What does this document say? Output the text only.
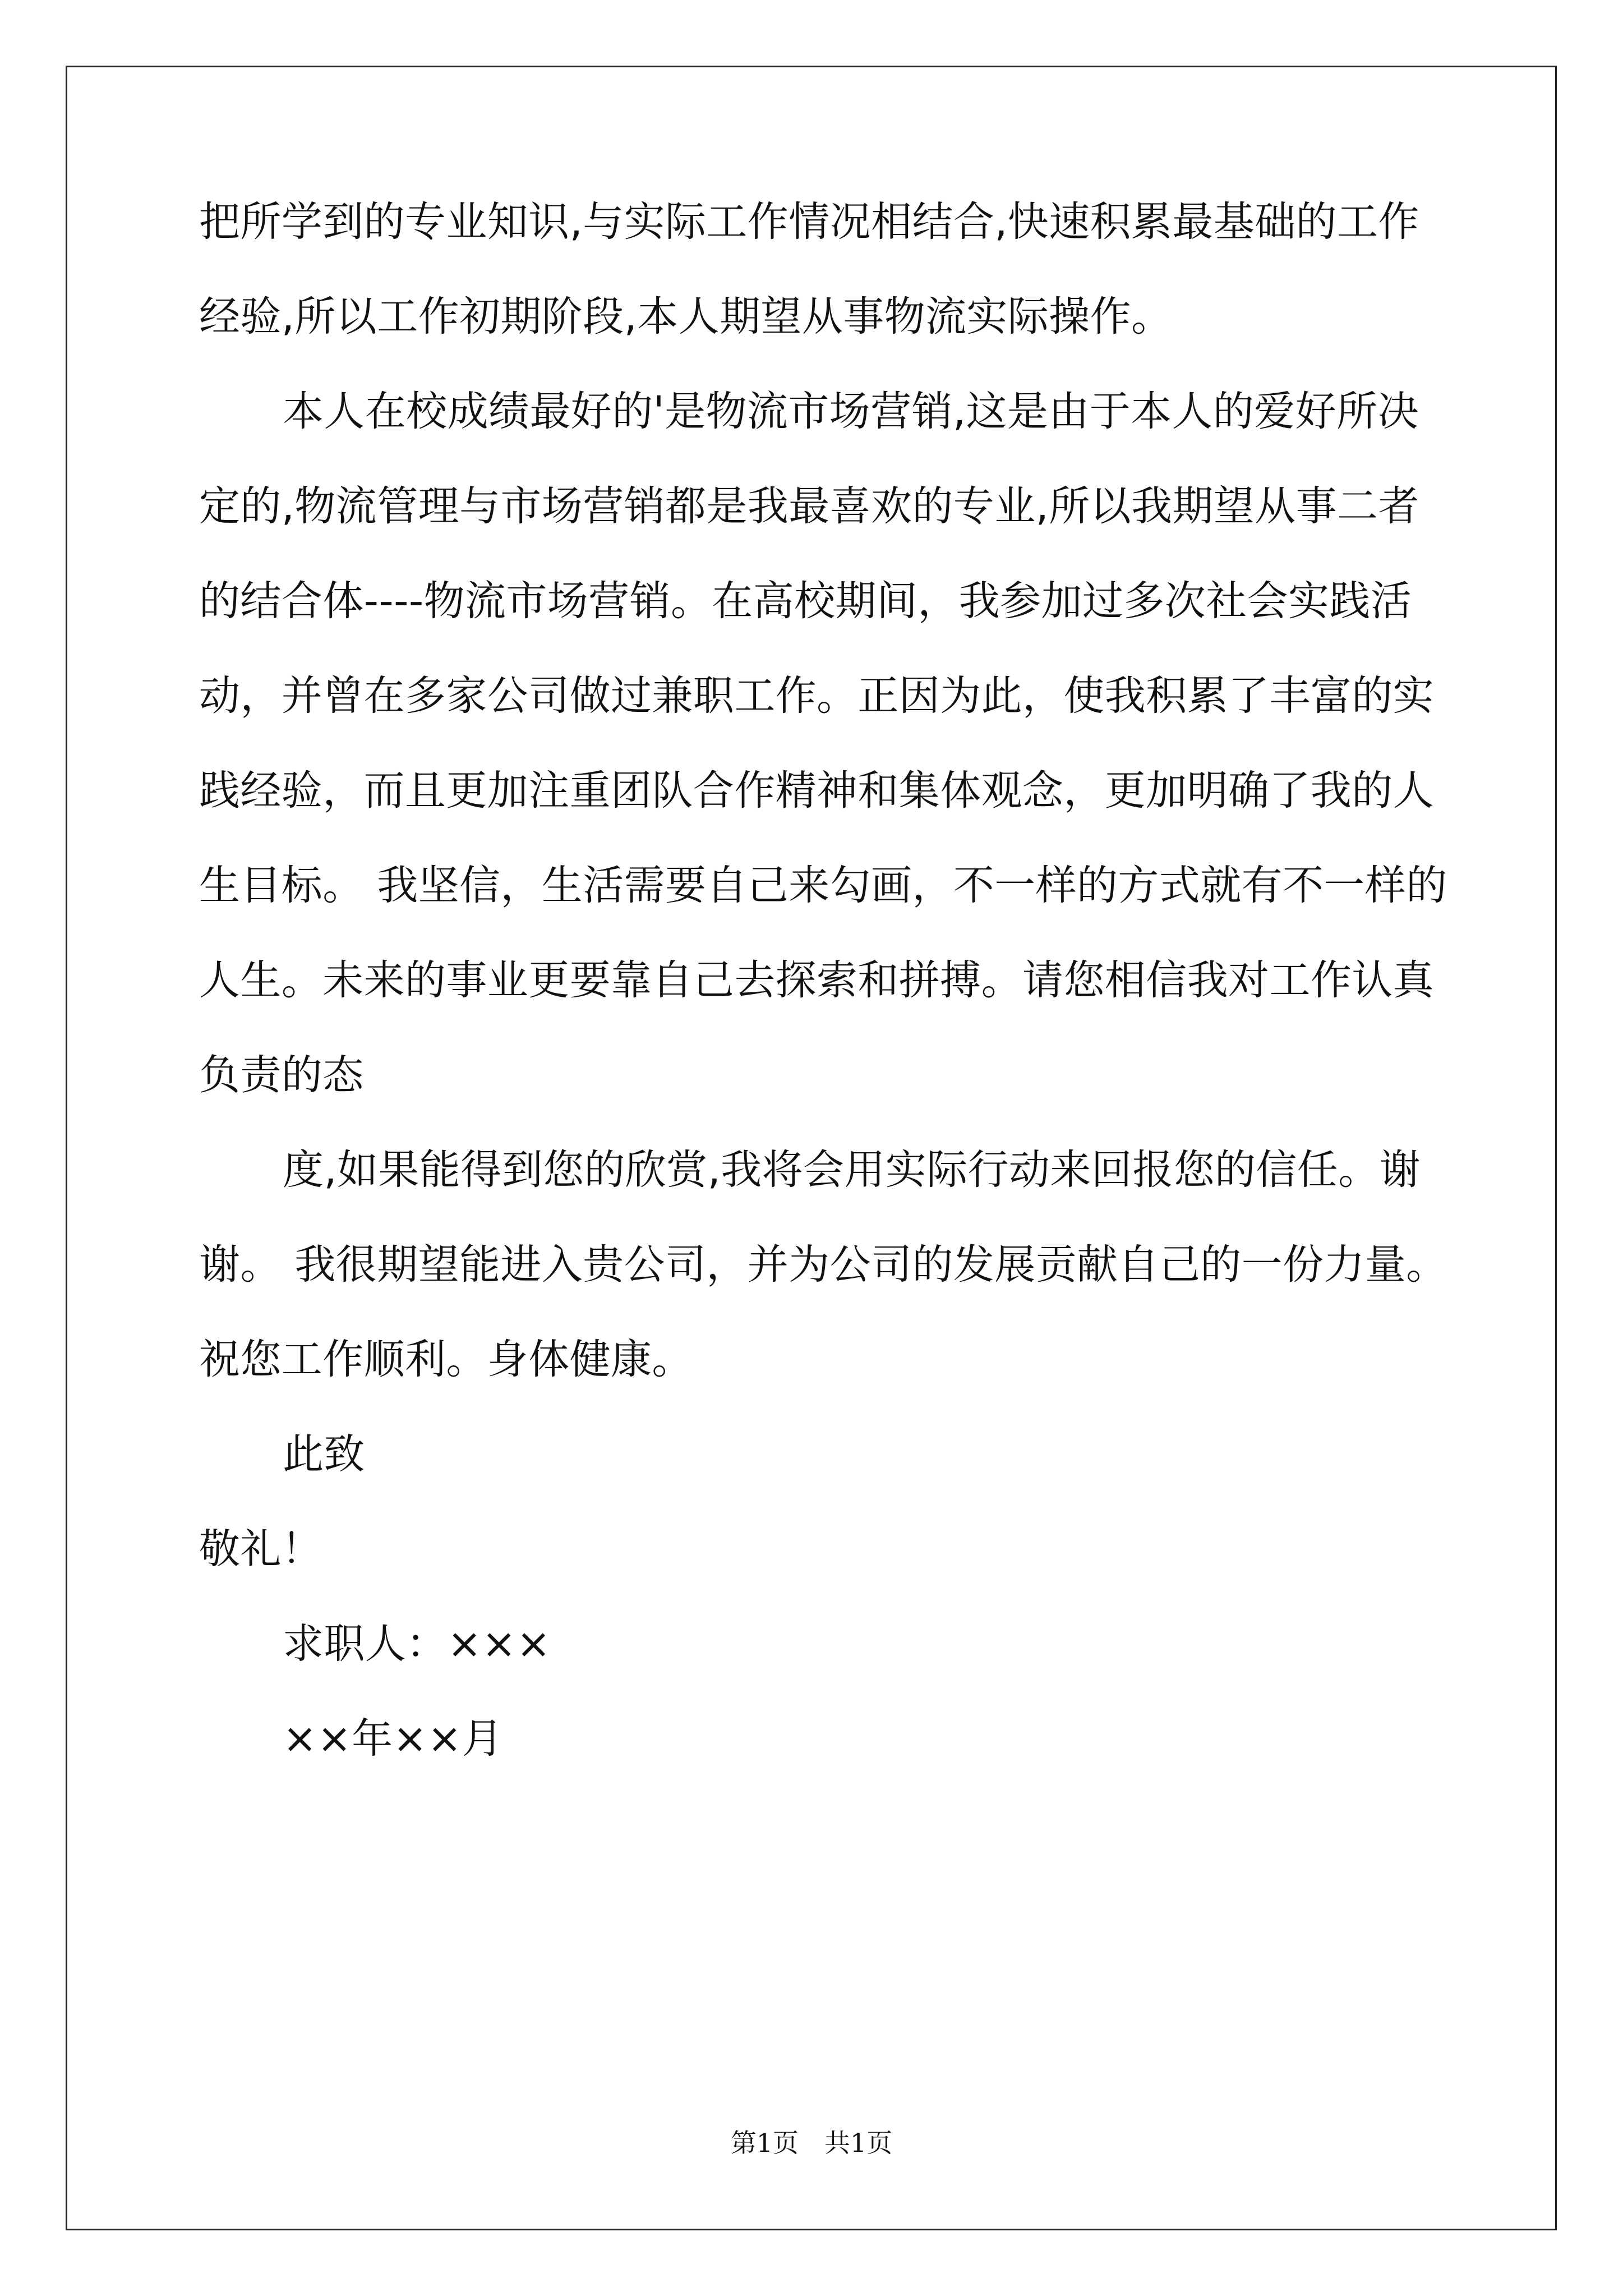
把所学到的专业知识,与实际工作情况相结合,快速积累最基础的工作

经验,所以工作初期阶段,本人期望从事物流实际操作。

本人在校成绩最好的'是物流市场营销,这是由于本人的爱好所决

定的,物流管理与市场营销都是我最喜欢的专业,所以我期望从事二者

的结合体----物流市场营销。在高校期间，我参加过多次社会实践活

动，并曾在多家公司做过兼职工作。正因为此，使我积累了丰富的实

践经验，而且更加注重团队合作精神和集体观念，更加明确了我的人

生目标。 我坚信，生活需要自己来勾画，不一样的方式就有不一样的

人生。未来的事业更要靠自己去探索和拼搏。请您相信我对工作认真

负责的态

度,如果能得到您的欣赏,我将会用实际行动来回报您的信任。谢

谢。 我很期望能进入贵公司，并为公司的发展贡献自己的一份力量。

祝您工作顺利。身体健康。

此致

敬礼！

求职人：×××

××年××月

第1页　共1页
